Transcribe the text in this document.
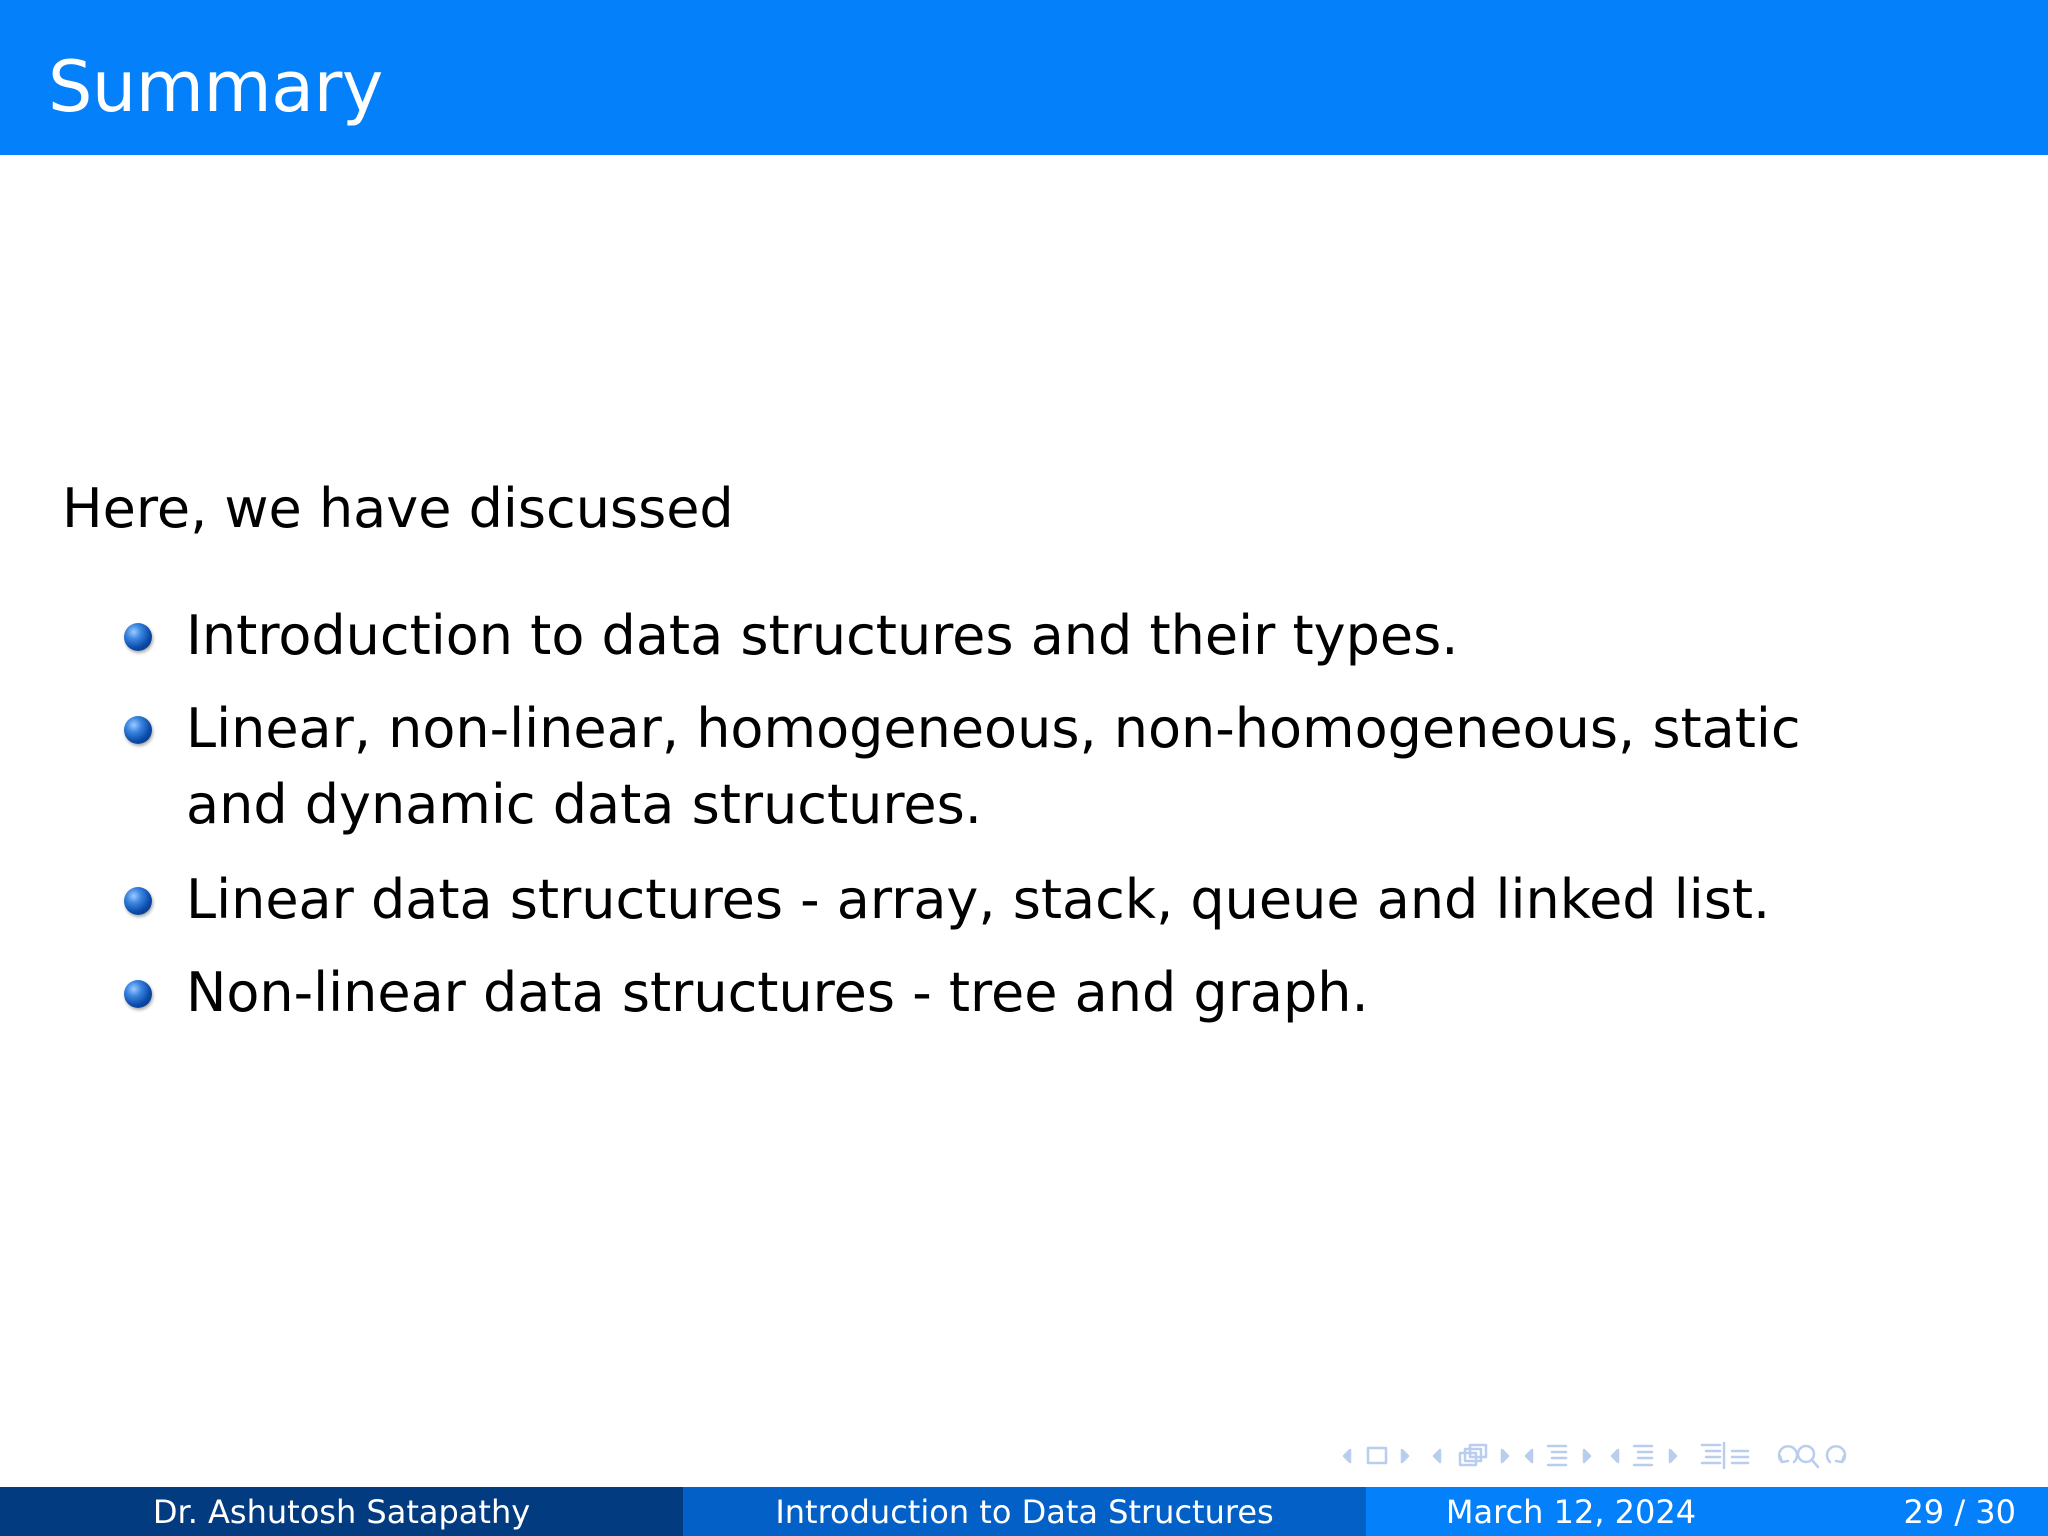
Summary
Here, we have discussed
Introduction to data structures and their types.
Linear, non-linear, homogeneous, non-homogeneous, static and dynamic data structures.
Linear data structures - array, stack, queue and linked list.
Non-linear data structures - tree and graph.
Dr. Ashutosh Satapathy	Introduction to Data Structures	March 12, 2024	29 / 30
